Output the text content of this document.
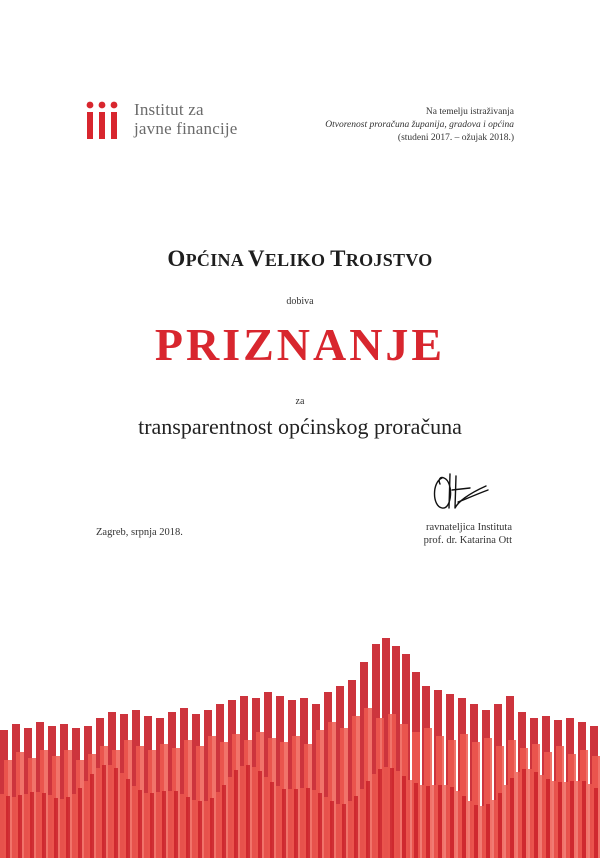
Institut za
javne financije
Na temelju istraživanja
Otvorenost proračuna županija, gradova i općina
(studeni 2017. – ožujak 2018.)
OPĆINA VELIKO TROJSTVO
dobiva
PRIZNANJE
za
transparentnost općinskog proračuna
Zagreb, srpnja 2018.	ravnateljica Instituta
prof. dr. Katarina Ott
